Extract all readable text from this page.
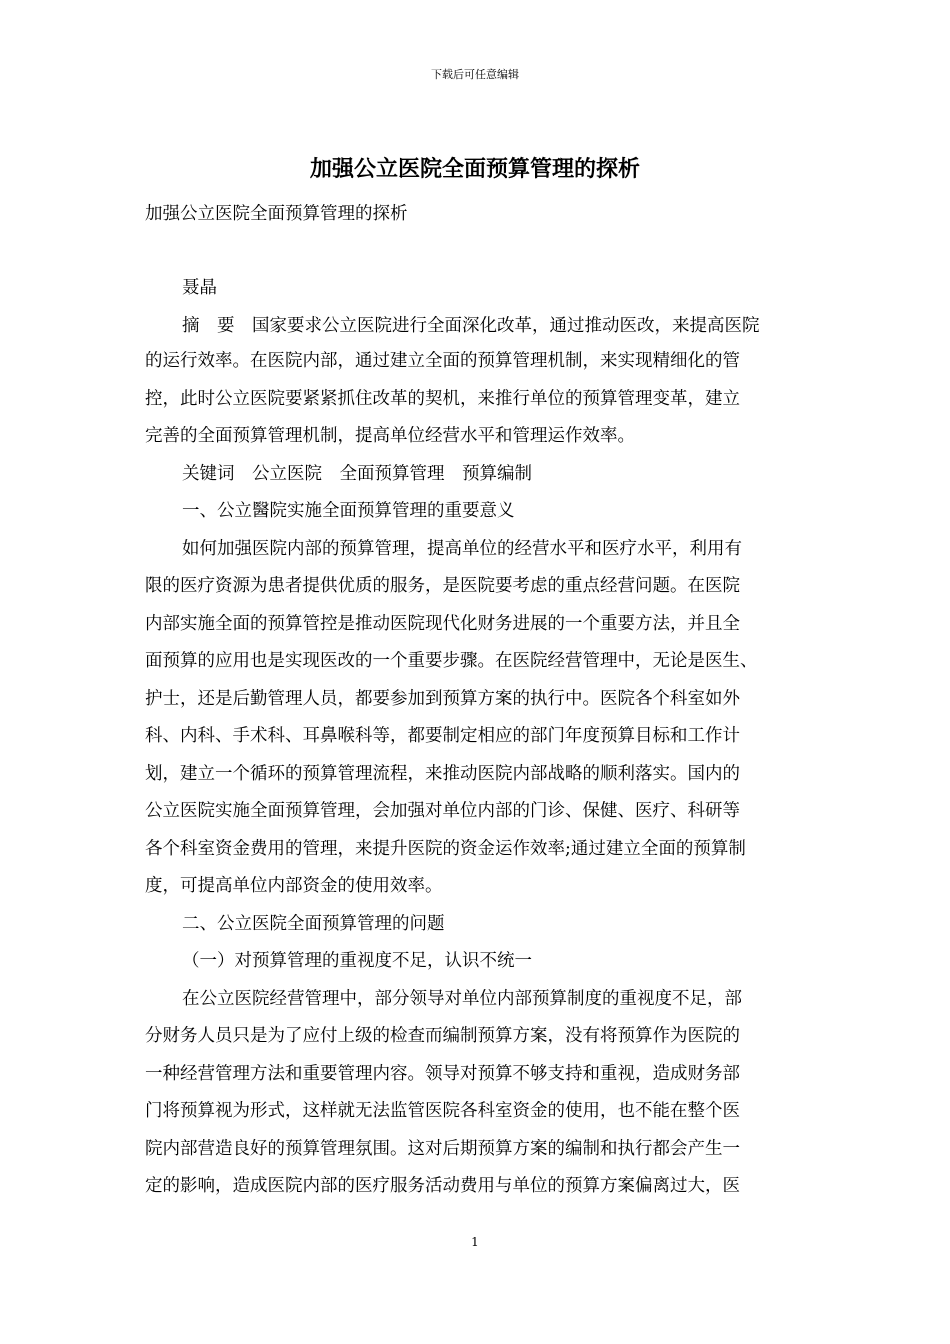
下载后可任意编辑
加强公立医院全面预算管理的探析
加强公立医院全面预算管理的探析
聂晶
摘　要　国家要求公立医院进行全面深化改革，通过推动医改，来提高医院
的运行效率。在医院内部，通过建立全面的预算管理机制，来实现精细化的管
控，此时公立医院要紧紧抓住改革的契机，来推行单位的预算管理变革，建立
完善的全面预算管理机制，提高单位经营水平和管理运作效率。
关键词　公立医院　全面预算管理　预算编制
一、公立醫院实施全面预算管理的重要意义
如何加强医院内部的预算管理，提高单位的经营水平和医疗水平，利用有
限的医疗资源为患者提供优质的服务，是医院要考虑的重点经营问题。在医院
内部实施全面的预算管控是推动医院现代化财务进展的一个重要方法，并且全
面预算的应用也是实现医改的一个重要步骤。在医院经营管理中，无论是医生、
护士，还是后勤管理人员，都要参加到预算方案的执行中。医院各个科室如外
科、内科、手术科、耳鼻喉科等，都要制定相应的部门年度预算目标和工作计
划，建立一个循环的预算管理流程，来推动医院内部战略的顺利落实。国内的
公立医院实施全面预算管理，会加强对单位内部的门诊、保健、医疗、科研等
各个科室资金费用的管理，来提升医院的资金运作效率;通过建立全面的预算制
度，可提高单位内部资金的使用效率。
二、公立医院全面预算管理的问题
（一）对预算管理的重视度不足，认识不统一
在公立医院经营管理中，部分领导对单位内部预算制度的重视度不足，部
分财务人员只是为了应付上级的检查而编制预算方案，没有将预算作为医院的
一种经营管理方法和重要管理内容。领导对预算不够支持和重视，造成财务部
门将预算视为形式，这样就无法监管医院各科室资金的使用，也不能在整个医
院内部营造良好的预算管理氛围。这对后期预算方案的编制和执行都会产生一
定的影响，造成医院内部的医疗服务活动费用与单位的预算方案偏离过大，医
1
